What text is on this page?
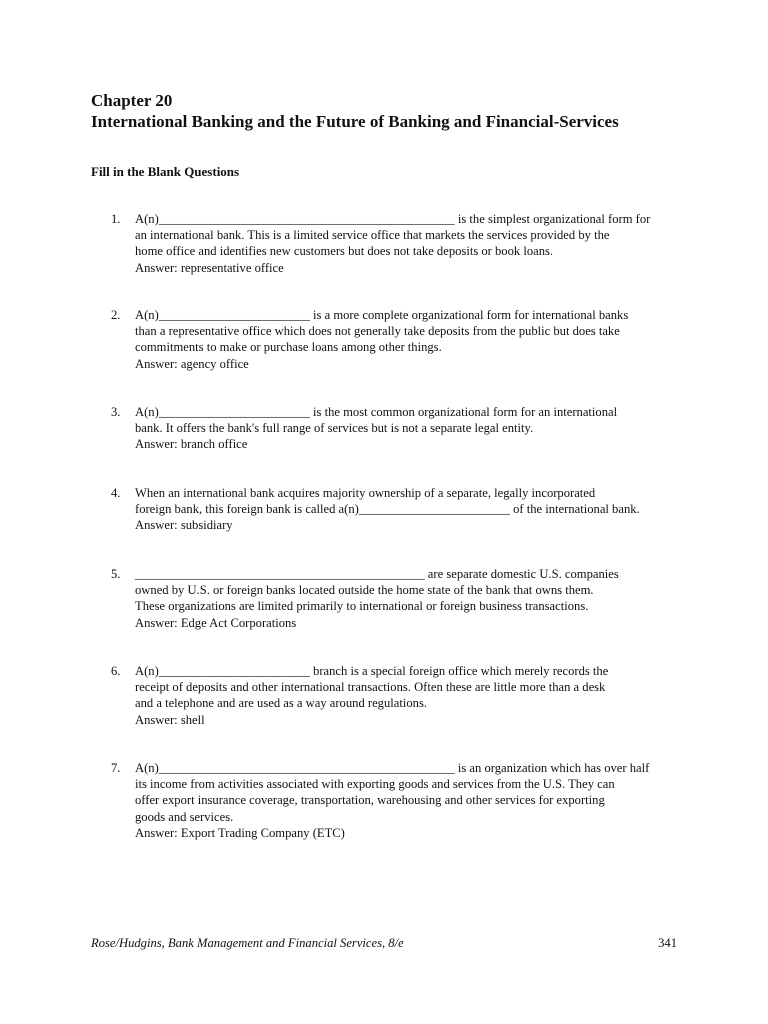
Chapter 20
International Banking and the Future of Banking and Financial-Services
Fill in the Blank Questions
1.	A(n)_______________________________________________ is the simplest organizational form for
an international bank. This is a limited service office that markets the services provided by the
home office and identifies new customers but does not take deposits or book loans.
Answer: representative office
2.	A(n)________________________ is a more complete organizational form for international banks
than a representative office which does not generally take deposits from the public but does take
commitments to make or purchase loans among other things.
Answer: agency office
3.	A(n)________________________ is the most common organizational form for an international
bank. It offers the bank's full range of services but is not a separate legal entity.
Answer: branch office
4.	When an international bank acquires majority ownership of a separate, legally incorporated
foreign bank, this foreign bank is called a(n)________________________ of the international bank.
Answer: subsidiary
5.	______________________________________________ are separate domestic U.S. companies
owned by U.S. or foreign banks located outside the home state of the bank that owns them.
These organizations are limited primarily to international or foreign business transactions.
Answer: Edge Act Corporations
6.	A(n)________________________ branch is a special foreign office which merely records the
receipt of deposits and other international transactions. Often these are little more than a desk
and a telephone and are used as a way around regulations.
Answer: shell
7.	A(n)_______________________________________________ is an organization which has over half
its income from activities associated with exporting goods and services from the U.S. They can
offer export insurance coverage, transportation, warehousing and other services for exporting
goods and services.
Answer: Export Trading Company (ETC)
Rose/Hudgins, Bank Management and Financial Services, 8/e	341
